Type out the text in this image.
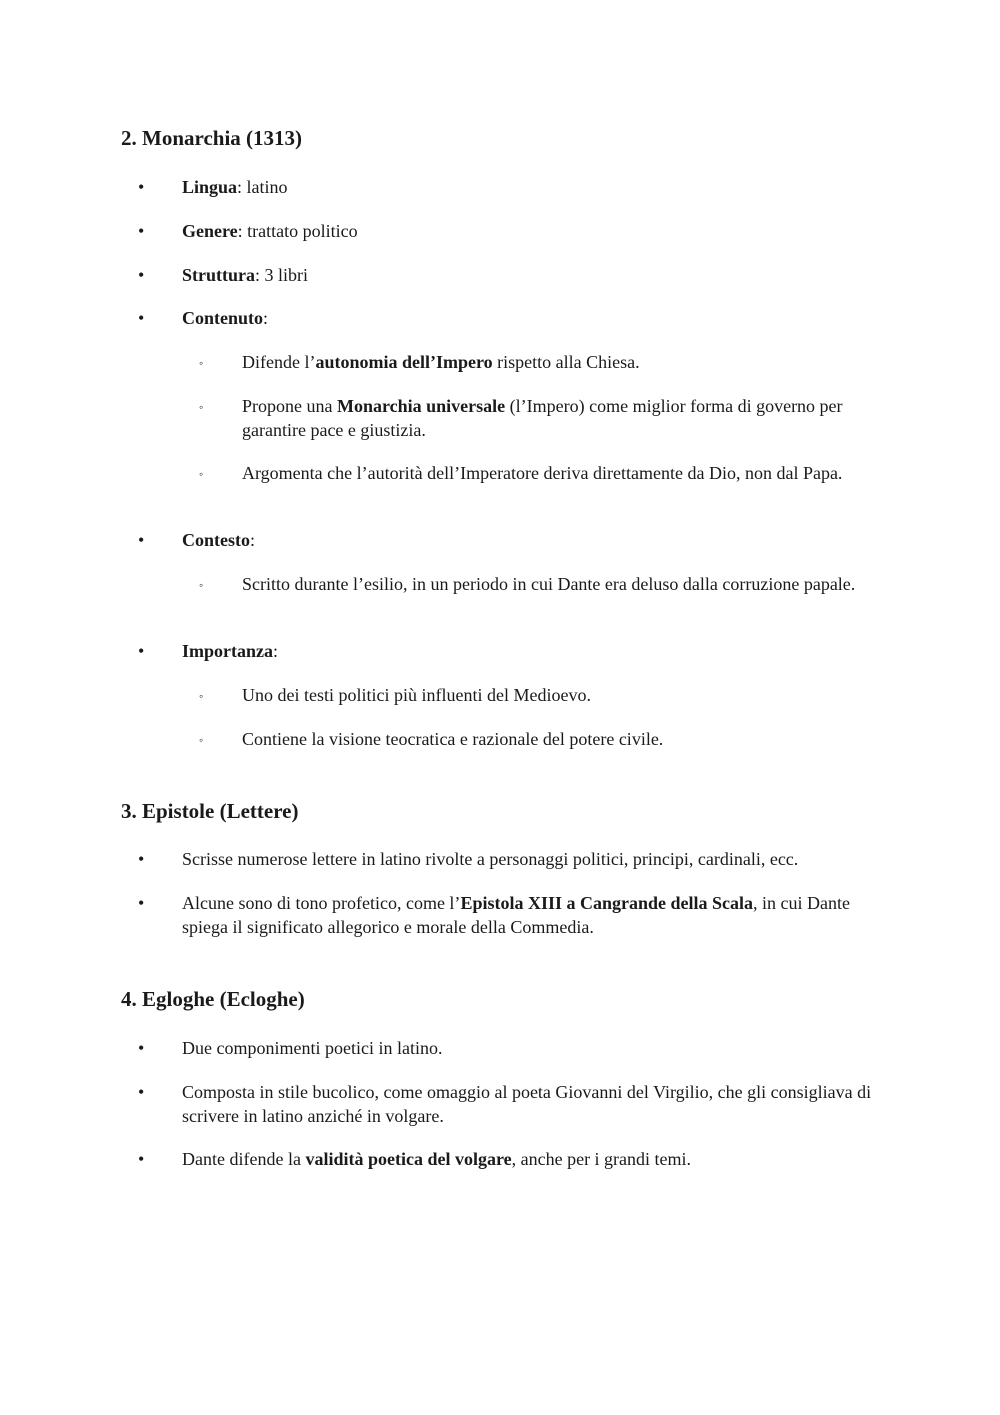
2. Monarchia (1313)
• Lingua: latino
• Genere: trattato politico
• Struttura: 3 libri
• Contenuto:
◦ Difende l’autonomia dell’Impero rispetto alla Chiesa.
◦ Propone una Monarchia universale (l’Impero) come miglior forma di governo per garantire pace e giustizia.
◦ Argomenta che l’autorità dell’Imperatore deriva direttamente da Dio, non dal Papa.
• Contesto:
◦ Scritto durante l’esilio, in un periodo in cui Dante era deluso dalla corruzione papale.
• Importanza:
◦ Uno dei testi politici più influenti del Medioevo.
◦ Contiene la visione teocratica e razionale del potere civile.
3. Epistole (Lettere)
• Scrisse numerose lettere in latino rivolte a personaggi politici, principi, cardinali, ecc.
• Alcune sono di tono profetico, come l’Epistola XIII a Cangrande della Scala, in cui Dante spiega il significato allegorico e morale della Commedia.
4. Egloghe (Ecloghe)
• Due componimenti poetici in latino.
• Composta in stile bucolico, come omaggio al poeta Giovanni del Virgilio, che gli consigliava di scrivere in latino anziché in volgare.
• Dante difende la validità poetica del volgare, anche per i grandi temi.
